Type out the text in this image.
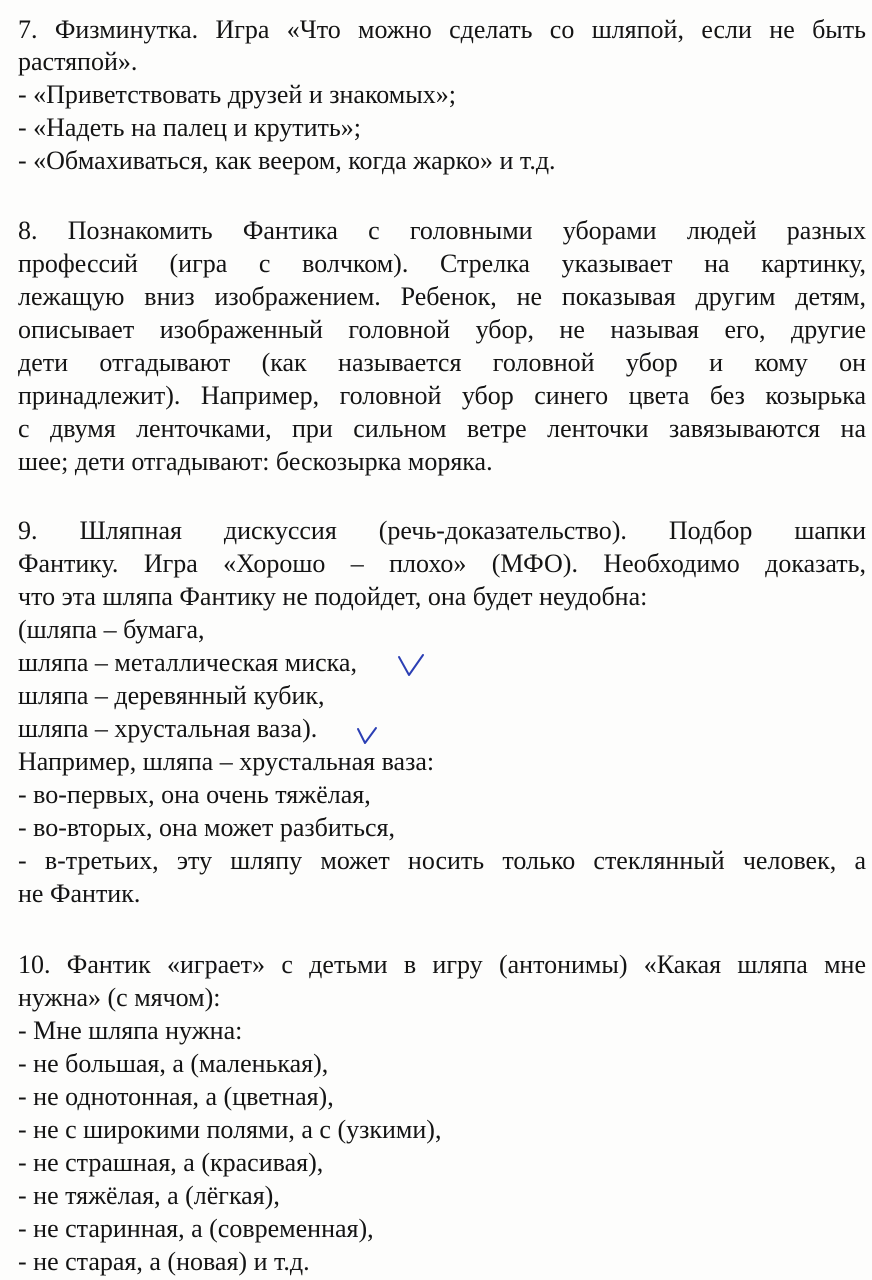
7. Физминутка. Игра «Что можно сделать со шляпой, если не быть

растяпой».

- «Приветствовать друзей и знакомых»;

- «Надеть на палец и крутить»;

- «Обмахиваться, как веером, когда жарко» и т.д.

8. Познакомить Фантика с головными уборами людей разных

профессий (игра с волчком). Стрелка указывает на картинку,

лежащую вниз изображением. Ребенок, не показывая другим детям,

описывает изображенный головной убор, не называя его, другие

дети отгадывают (как называется головной убор и кому он

принадлежит). Например, головной убор синего цвета без козырька

с двумя ленточками, при сильном ветре ленточки завязываются на

шее; дети отгадывают: бескозырка моряка.

9. Шляпная дискуссия (речь-доказательство). Подбор шапки

Фантику. Игра «Хорошо – плохо» (МФО). Необходимо доказать,

что эта шляпа Фантику не подойдет, она будет неудобна:

(шляпа – бумага,

шляпа – металлическая миска,

шляпа – деревянный кубик,

шляпа – хрустальная ваза).

Например, шляпа – хрустальная ваза:

- во-первых, она очень тяжёлая,

- во-вторых, она может разбиться,

- в-третьих, эту шляпу может носить только стеклянный человек, а

не Фантик.

10. Фантик «играет» с детьми в игру (антонимы) «Какая шляпа мне

нужна» (с мячом):

- Мне шляпа нужна:

- не большая, а (маленькая),

- не однотонная, а (цветная),

- не с широкими полями, а с (узкими),

- не страшная, а (красивая),

- не тяжёлая, а (лёгкая),

- не старинная, а (современная),

- не старая, а (новая) и т.д.
